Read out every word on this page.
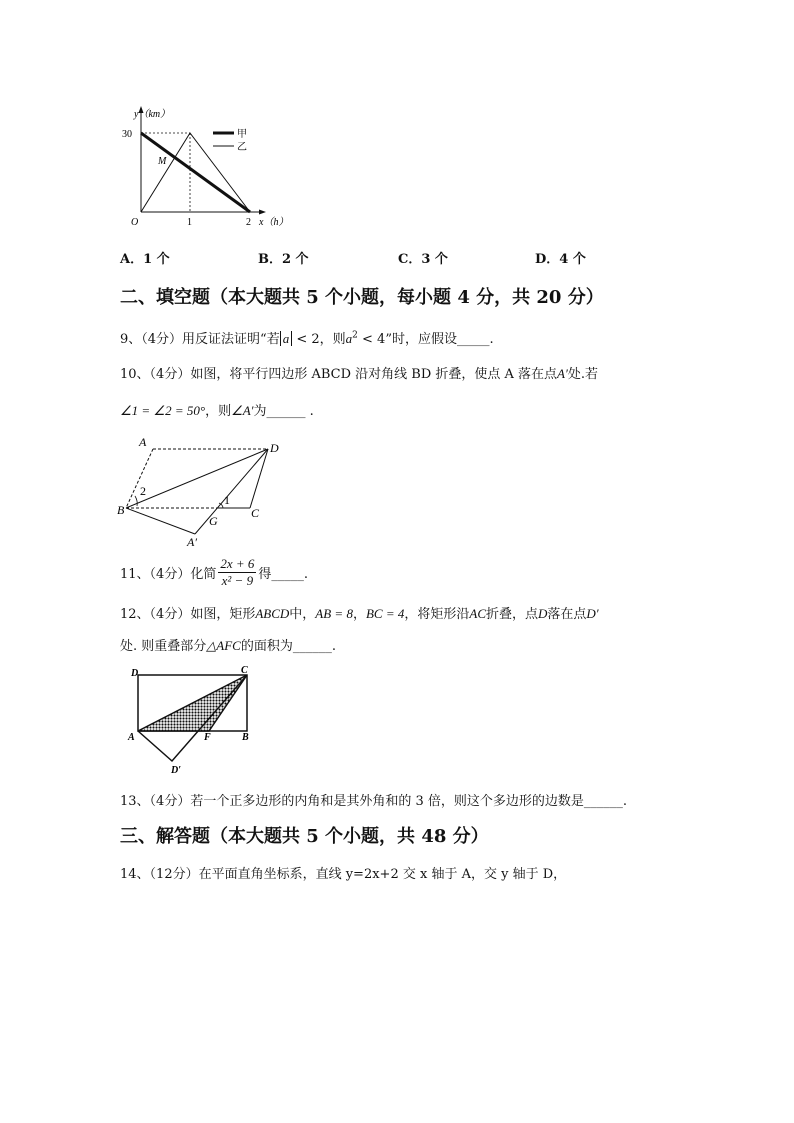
y（km）
30
M
O	1	2 x（h）
甲
乙
A．1 个	B．2 个	C．3 个	D．4 个
二、填空题（本大题共 5 个小题，每小题 4 分，共 20 分）
9、（4分）用反证法证明“若 a < 2，则$a^2 < 4$”时，应假设_____.
10、（4分）如图，将平行四边形 ABCD 沿对角线 BD 折叠，使点 A 落在点A′处.若
∠1 = ∠2 = 50°，则∠A′为______ .
A	D
B	C
G
A′
1
2
11、（4分）化简 $\frac{2x + 6}{\text{x² − 9}}$ 得_____.
12、（4分）如图，矩形ABCD中，AB = 8，BC = 4，将矩形沿AC折叠，点D落在点D′
处. 则重叠部分△AFC的面积为______.
D	C
A	F	B
D′
13、（4分）若一个正多边形的内角和是其外角和的 3 倍，则这个多边形的边数是______.
三、解答题（本大题共 5 个小题，共 48 分）
14、（12分）在平面直角坐标系，直线 y=2x+2 交 x 轴于 A，交 y 轴于 D，
